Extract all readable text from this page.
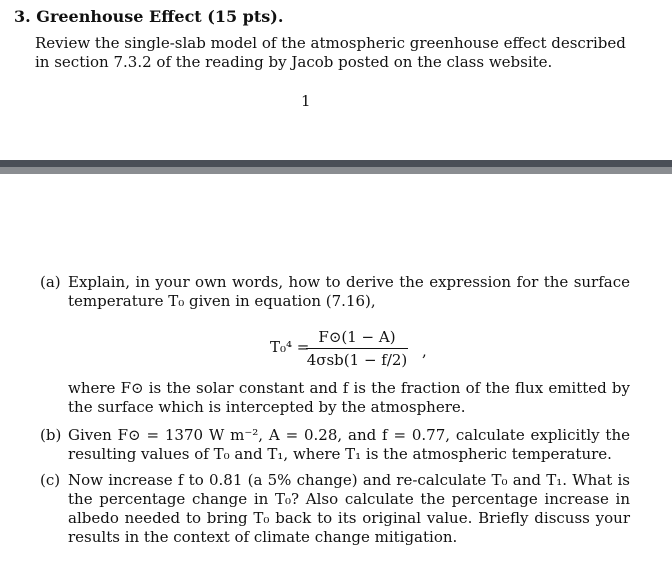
3. Greenhouse Effect (15 pts).
Review the single-slab model of the atmospheric greenhouse effect described in section 7.3.2 of the reading by Jacob posted on the class website.
1
(a) Explain, in your own words, how to derive the expression for the surface temperature T₀ given in equation (7.16),
T₀⁴ =
F⊙(1 − A)
4σsb(1 − f/2) ,
where F⊙ is the solar constant and f is the fraction of the flux emitted by the surface which is intercepted by the atmosphere.
(b) Given F⊙ = 1370 W m⁻², A = 0.28, and f = 0.77, calculate explicitly the resulting values of T₀ and T₁, where T₁ is the atmospheric temperature.
(c) Now increase f to 0.81 (a 5% change) and re-calculate T₀ and T₁. What is the percentage change in T₀? Also calculate the percentage increase in albedo needed to bring T₀ back to its original value. Briefly discuss your results in the context of climate change mitigation.
